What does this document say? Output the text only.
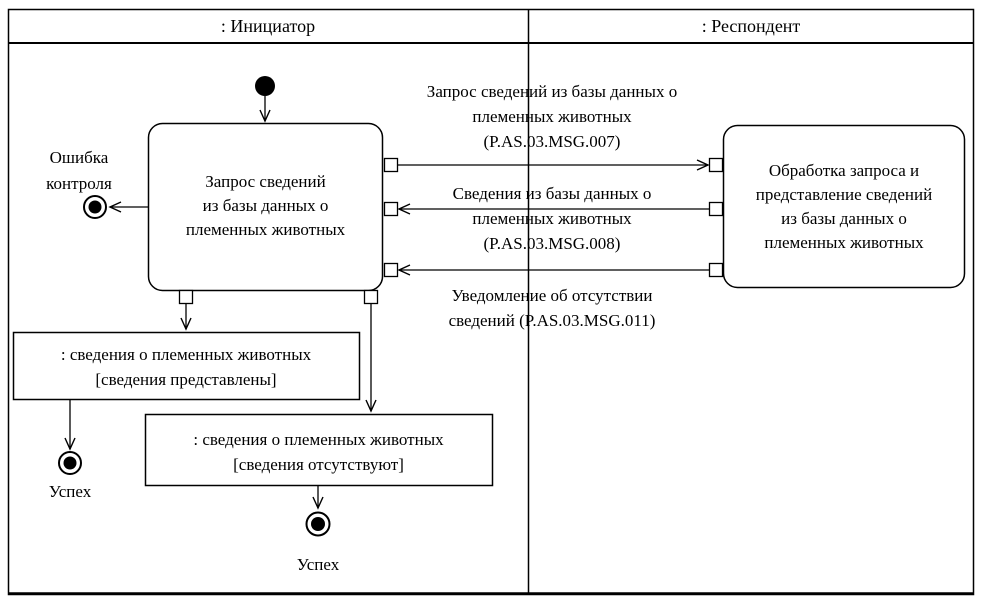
: Инициатор	: Респондент
Запрос сведений
из базы данных о
племенных животных
Обработка запроса и
представление сведений
из базы данных о
племенных животных
Запрос сведений из базы данных о
племенных животных
(P.AS.03.MSG.007)
Сведения из базы данных о
племенных животных
(P.AS.03.MSG.008)
Уведомление об отсутствии
сведений (P.AS.03.MSG.011)
Ошибка
контроля
: сведения о племенных животных
[сведения представлены]
: сведения о племенных животных
[сведения отсутствуют]
Успех
Успех
